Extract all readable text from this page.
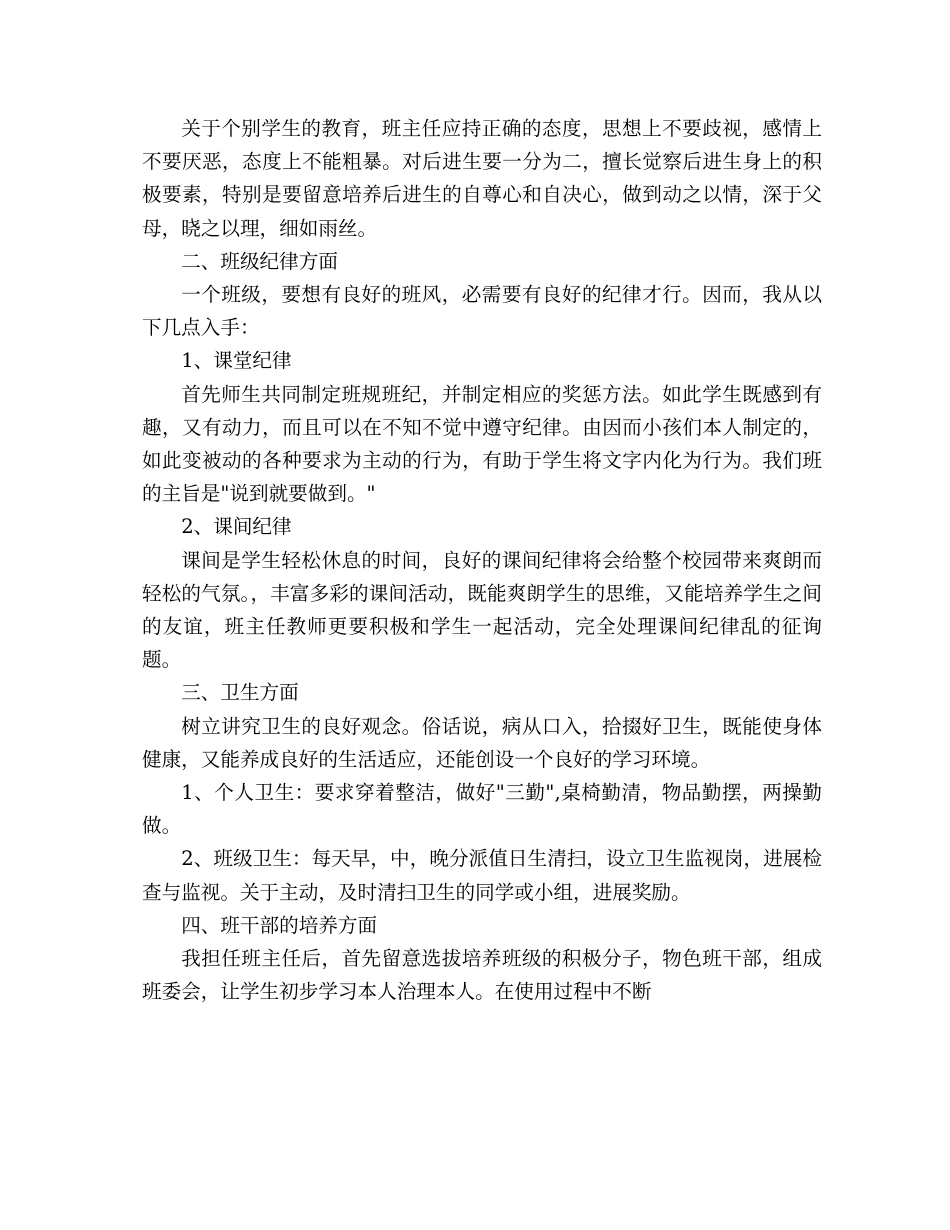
关于个别学生的教育，班主任应持正确的态度，思想上不要歧视，感情上不要厌恶，态度上不能粗暴。对后进生要一分为二，擅长觉察后进生身上的积极要素，特别是要留意培养后进生的自尊心和自决心，做到动之以情，深于父母，晓之以理，细如雨丝。

二、班级纪律方面

一个班级，要想有良好的班风，必需要有良好的纪律才行。因而，我从以下几点入手：

1、课堂纪律

首先师生共同制定班规班纪，并制定相应的奖惩方法。如此学生既感到有趣，又有动力，而且可以在不知不觉中遵守纪律。由因而小孩们本人制定的，如此变被动的各种要求为主动的行为，有助于学生将文字内化为行为。我们班的主旨是"说到就要做到。"

2、课间纪律

课间是学生轻松休息的时间，良好的课间纪律将会给整个校园带来爽朗而轻松的气氛。，丰富多彩的课间活动，既能爽朗学生的思维，又能培养学生之间的友谊，班主任教师更要积极和学生一起活动，完全处理课间纪律乱的征询题。

三、卫生方面

树立讲究卫生的良好观念。俗话说，病从口入，拾掇好卫生，既能使身体健康，又能养成良好的生活适应，还能创设一个良好的学习环境。

1、个人卫生：要求穿着整洁，做好"三勤",桌椅勤清，物品勤摆，两操勤做。

2、班级卫生：每天早，中，晚分派值日生清扫，设立卫生监视岗，进展检查与监视。关于主动，及时清扫卫生的同学或小组，进展奖励。

四、班干部的培养方面

我担任班主任后，首先留意选拔培养班级的积极分子，物色班干部，组成班委会，让学生初步学习本人治理本人。在使用过程中不断
